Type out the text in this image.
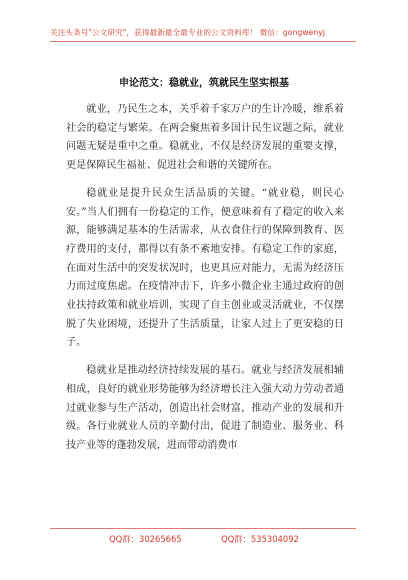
关注头条号"公文研究"，获得最新最全最专业的公文资料库！ 微信：gongwenyj
申论范文：稳就业，筑就民生坚实根基

就业，乃民生之本，关乎着千家万户的生计冷暖，维系着社会的稳定与繁荣。在两会聚焦着多国计民生议题之际，就业问题无疑是重中之重。稳就业，不仅是经济发展的重要支撑，更是保障民生福祉、促进社会和谐的关键所在。

稳就业是提升民众生活品质的关键。“就业稳，则民心安。”当人们拥有一份稳定的工作，便意味着有了稳定的收入来源，能够满足基本的生活需求，从衣食住行的保障到教育、医疗费用的支付，都得以有条不紊地安排。有稳定工作的家庭，在面对生活中的突发状况时，也更具应对能力，无需为经济压力而过度焦虑。在疫情冲击下，许多小微企业主通过政府的创业扶持政策和就业培训，实现了自主创业或灵活就业，不仅摆脱了失业困境，还提升了生活质量，让家人过上了更安稳的日子。

稳就业是推动经济持续发展的基石。就业与经济发展相辅相成，良好的就业形势能够为经济增长注入强大动力劳动者通过就业参与生产活动，创造出社会财富，推动产业的发展和升级。各行业就业人员的辛勤付出，促进了制造业、服务业、科技产业等的蓬勃发展，进而带动消费市

QQ群：30265665	QQ群：535304092
